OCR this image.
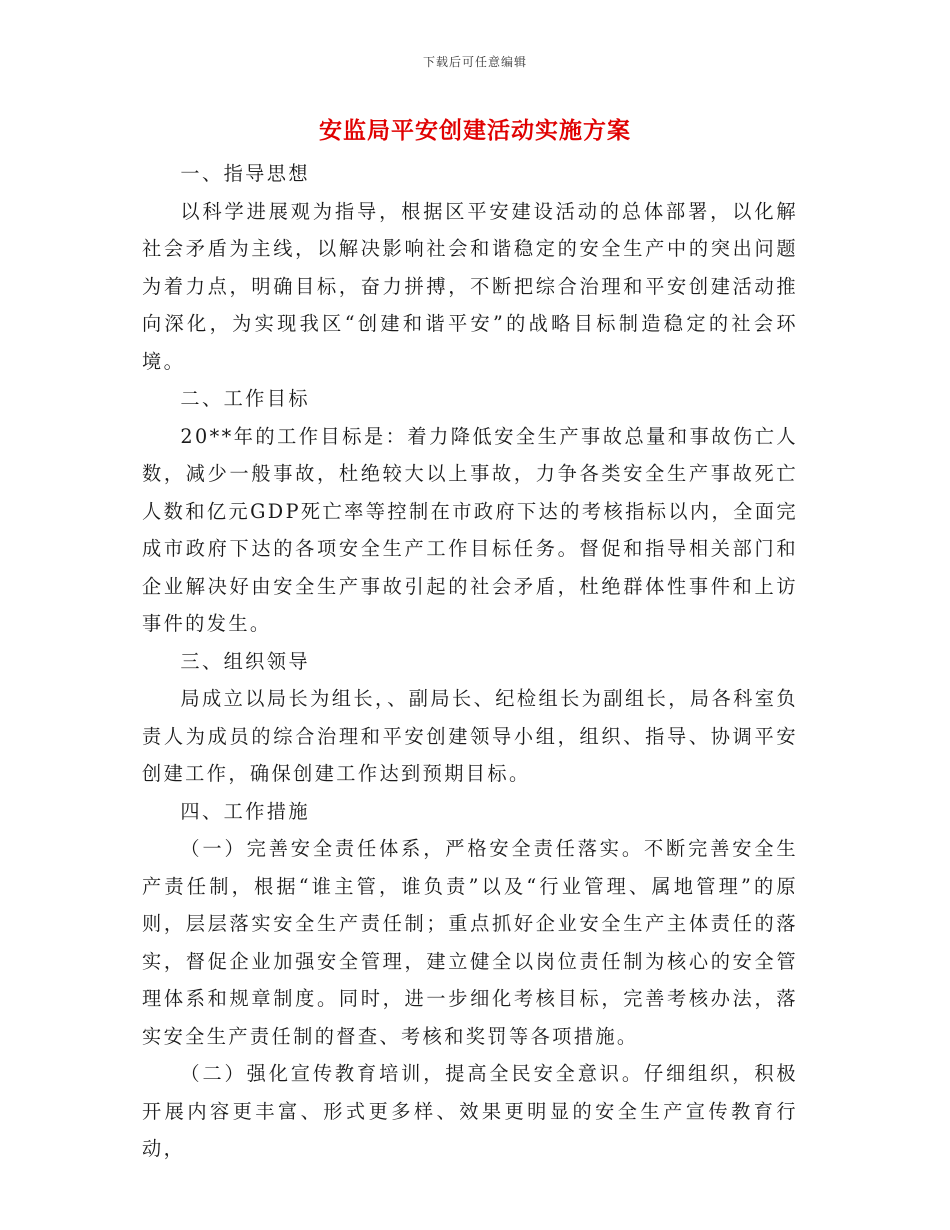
下载后可任意编辑
安监局平安创建活动实施方案

一、指导思想

以科学进展观为指导，根据区平安建设活动的总体部署，以化解社会矛盾为主线，以解决影响社会和谐稳定的安全生产中的突出问题为着力点，明确目标，奋力拼搏，不断把综合治理和平安创建活动推向深化，为实现我区“创建和谐平安”的战略目标制造稳定的社会环境。

二、工作目标

20**年的工作目标是：着力降低安全生产事故总量和事故伤亡人数，减少一般事故，杜绝较大以上事故，力争各类安全生产事故死亡人数和亿元GDP死亡率等控制在市政府下达的考核指标以内，全面完成市政府下达的各项安全生产工作目标任务。督促和指导相关部门和企业解决好由安全生产事故引起的社会矛盾，杜绝群体性事件和上访事件的发生。

三、组织领导

局成立以局长为组长，、副局长、纪检组长为副组长，局各科室负责人为成员的综合治理和平安创建领导小组，组织、指导、协调平安创建工作，确保创建工作达到预期目标。

四、工作措施

（一）完善安全责任体系，严格安全责任落实。不断完善安全生产责任制，根据“谁主管，谁负责”以及“行业管理、属地管理”的原则，层层落实安全生产责任制；重点抓好企业安全生产主体责任的落实，督促企业加强安全管理，建立健全以岗位责任制为核心的安全管理体系和规章制度。同时，进一步细化考核目标，完善考核办法，落实安全生产责任制的督查、考核和奖罚等各项措施。

（二）强化宣传教育培训，提高全民安全意识。仔细组织，积极开展内容更丰富、形式更多样、效果更明显的安全生产宣传教育行动，
